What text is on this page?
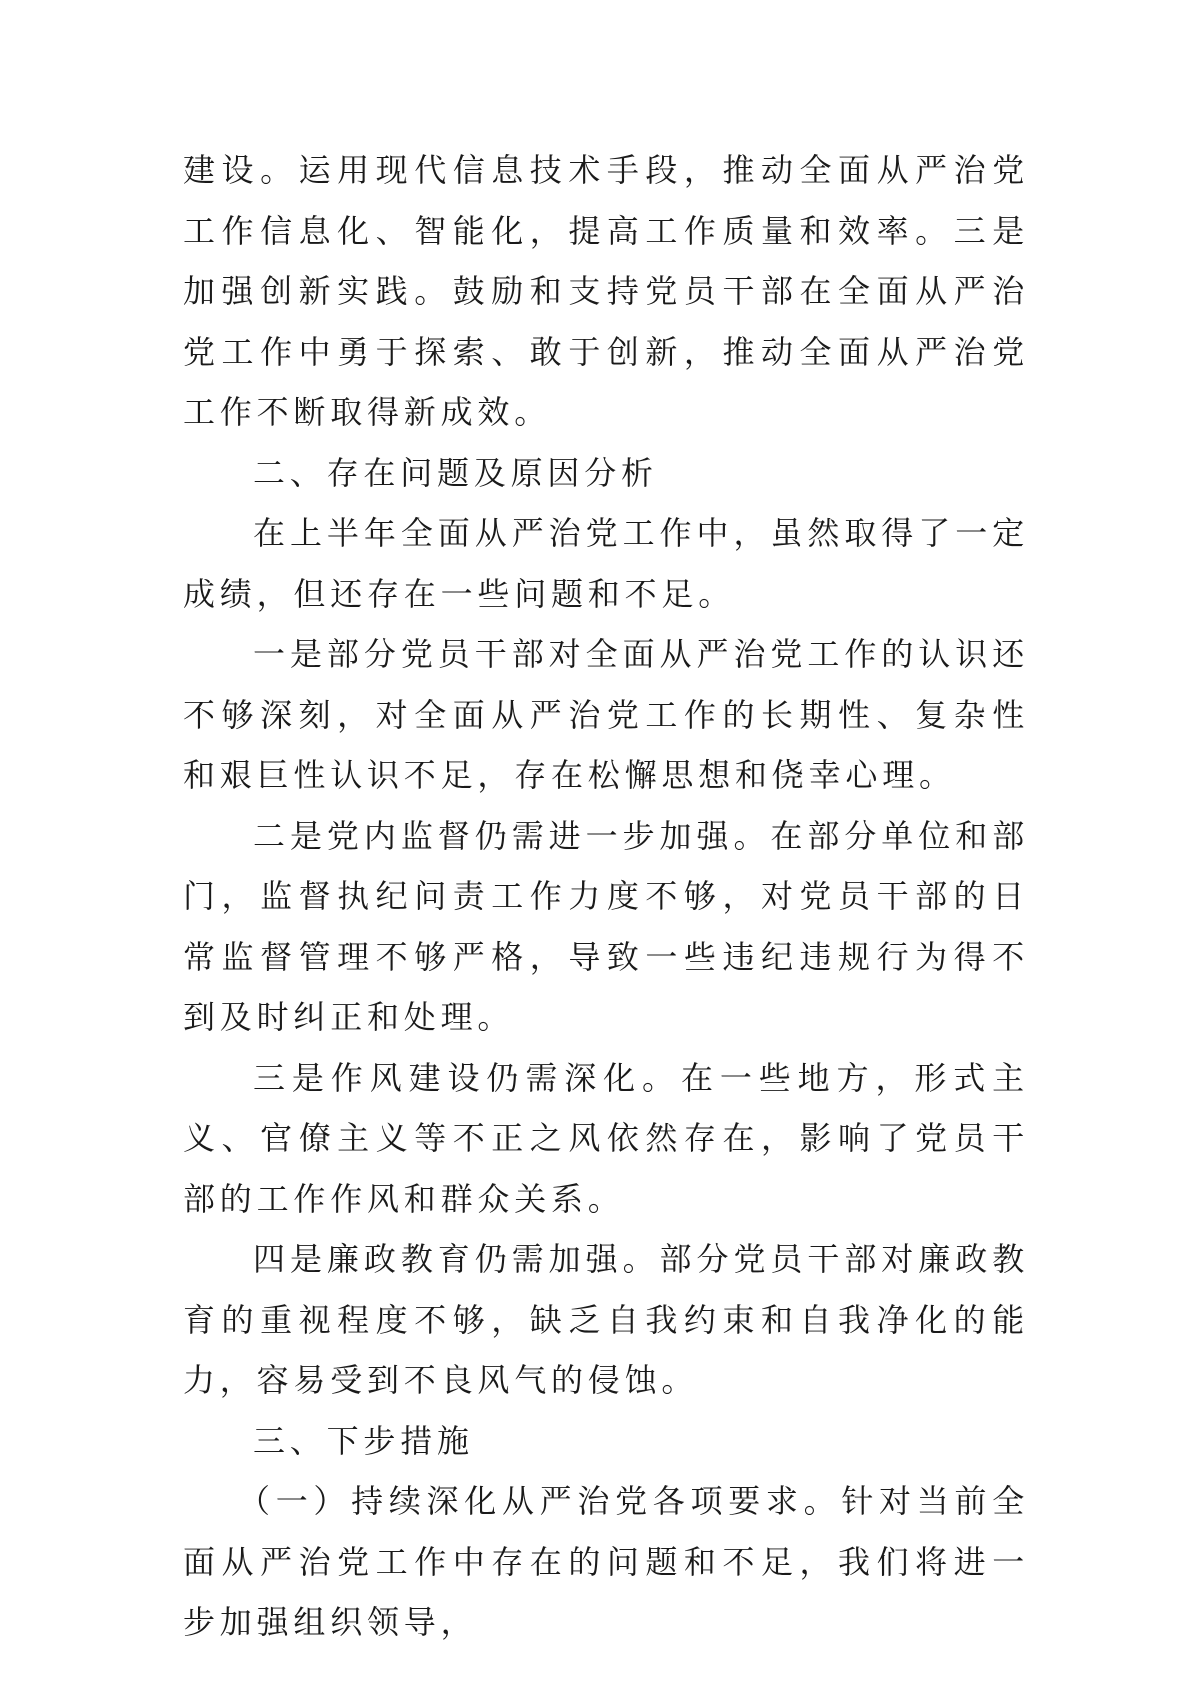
建设。运用现代信息技术手段，推动全面从严治党工作信息化、智能化，提高工作质量和效率。三是加强创新实践。鼓励和支持党员干部在全面从严治党工作中勇于探索、敢于创新，推动全面从严治党工作不断取得新成效。

二、存在问题及原因分析

在上半年全面从严治党工作中，虽然取得了一定成绩，但还存在一些问题和不足。

一是部分党员干部对全面从严治党工作的认识还不够深刻，对全面从严治党工作的长期性、复杂性和艰巨性认识不足，存在松懈思想和侥幸心理。

二是党内监督仍需进一步加强。在部分单位和部门，监督执纪问责工作力度不够，对党员干部的日常监督管理不够严格，导致一些违纪违规行为得不到及时纠正和处理。

三是作风建设仍需深化。在一些地方，形式主义、官僚主义等不正之风依然存在，影响了党员干部的工作作风和群众关系。

四是廉政教育仍需加强。部分党员干部对廉政教育的重视程度不够，缺乏自我约束和自我净化的能力，容易受到不良风气的侵蚀。

三、下步措施

（一）持续深化从严治党各项要求。针对当前全面从严治党工作中存在的问题和不足，我们将进一步加强组织领导，
